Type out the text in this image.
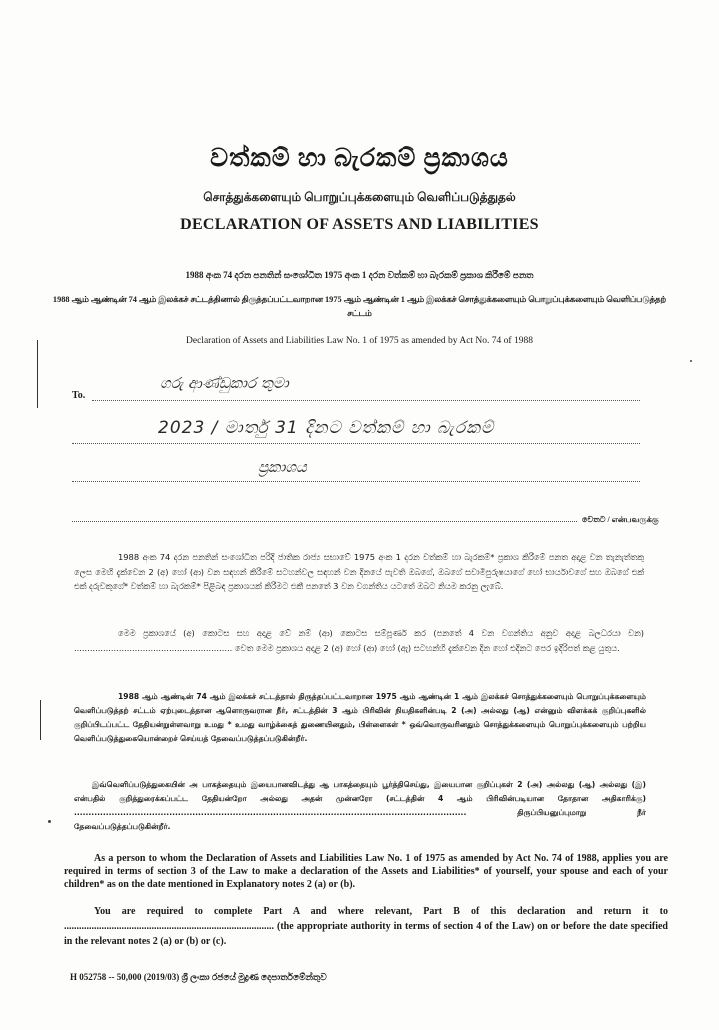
වත්කම් හා බැරකම් ප්‍රකාශය
சொத்துக்களையும் பொறுப்புக்களையும் வெளிப்படுத்துதல்
DECLARATION OF ASSETS AND LIABILITIES
1988 අංක 74 දරන පනතින් සංශෝධිත 1975 අංක 1 දරන වත්කම් හා බැරකම් ප්‍රකාශ කිරීමේ පනත
1988 ஆம் ஆண்டின் 74 ஆம் இலக்கச் சட்டத்தினால் திருத்தப்பட்டவாறான 1975 ஆம் ஆண்டின் 1 ஆம் இலக்கச் சொத்துக்களையும் பொறுப்புக்களையும் வெளிப்படுத்தற் சட்டம்
Declaration of Assets and Liabilities Law No. 1 of 1975 as amended by Act No. 74 of 1988
To.
ගරු ආණ්ඩුකාර තුමා
2023 / මාර්තු 31 දිනට වත්කම් හා බැරකම්
ප්‍රකාශය
වෙතට / என்பவருக்கு
1988 අංක 74 දරන පනතින් සංශෝධිත පරිදි ජාතික රාජ්‍ය සභාවේ 1975 අංක 1 දරන වත්කම් හා බැරකම්* ප්‍රකාශ කිරීමේ පනත අදාළ වන තැනැත්තකු ලෙස මෙහි දැක්වෙන 2 (අ) හෝ (ආ) වන සඳහන් කිරීමේ සටහන්වල සඳහන් වන දිනයේ පැවති ඔබගේ, ඔබගේ සවාමිපුරුෂයාගේ හෝ භාර්යාවගේ සහ ඔබගේ එක් එක් දරුවකුගේ* වත්කම් හා බැරකම්* පිළිබඳ ප්‍රකාශයක් කිරීමට එකී පනතේ 3 වන වගන්තිය යටතේ ඔබට නියම කරනු ලැබේ.
මෙම ප්‍රකාශයේ (අ) කොටස සහ අදාළ වේ නම් (ආ) කොටස සම්පූර්ණ කර (පනතේ 4 වන වගන්තිය අනුව අදාළ බලධරයා වන) ............................................................ වෙත මෙම ප්‍රකාශය අදාළ 2 (අ) හෝ (ආ) හෝ (ඇ) සටහන්හි දැක්වෙන දින හෝ එදිනට පෙර ඉදිරිපත් කළ යුතුය.
1988 ஆம் ஆண்டின் 74 ஆம் இலக்கச் சட்டத்தால் திருத்தப்பட்டவாறான 1975 ஆம் ஆண்டின் 1 ஆம் இலக்கச் சொத்துக்களையும் பொறுப்புக்களையும் வெளிப்படுத்தற் சட்டம் ஏற்புடைத்தான ஆளொருவரான நீர், சட்டத்தின் 3 ஆம் பிரிவின் நியதிகளின்படி 2 (அ) அல்லது (ஆ) என்னும் விளக்கக் குறிப்புகளில் குறிப்பிடப்பட்ட தேதியன்றுள்ளவாறு உமது * உமது வாழ்க்கைத் துணையினதும், பிள்ளைகள் * ஒவ்வொருவரினதும் சொத்துக்களையும் பொறுப்புக்களையும் பற்றிய வெளிப்படுத்துகையொன்றைச் செய்யத் தேவைப்படுத்தப்படுகின்றீர்.
இவ்வெளிப்படுத்துகையின் அ பாகத்தையும் இயைபானவிடத்து ஆ பாகத்தையும் பூர்த்திசெய்து, இயைபான குறிப்புகள் 2 (அ) அல்லது (ஆ) அல்லது (இ) என்பதில் குறித்துரைக்கப்பட்ட தேதியன்றோ அல்லது அதன் முன்னரோ (சட்டத்தின் 4 ஆம் பிரிவின்படியான தோதான அதிகாரிக்கு) ........................................................................................................................................ திருப்பியனுப்புமாறு நீர் தேவைப்படுத்தப்படுகின்றீர்.
As a person to whom the Declaration of Assets and Liabilities Law No. 1 of 1975 as amended by Act No. 74 of 1988, applies you are required in terms of section 3 of the Law to make a declaration of the Assets and Liabilities* of yourself, your spouse and each of your children* as on the date mentioned in Explanatory notes 2 (a) or (b).
You are required to complete Part A and where relevant, Part B of this declaration and return it to .................................................................................... (the appropriate authority in terms of section 4 of the Law) on or before the date specified in the relevant notes 2 (a) or (b) or (c).
H 052758 -- 50,000 (2019/03) ශ්‍රී ලංකා රජයේ මුද්‍රණ දෙපාර්තමේන්තුව
